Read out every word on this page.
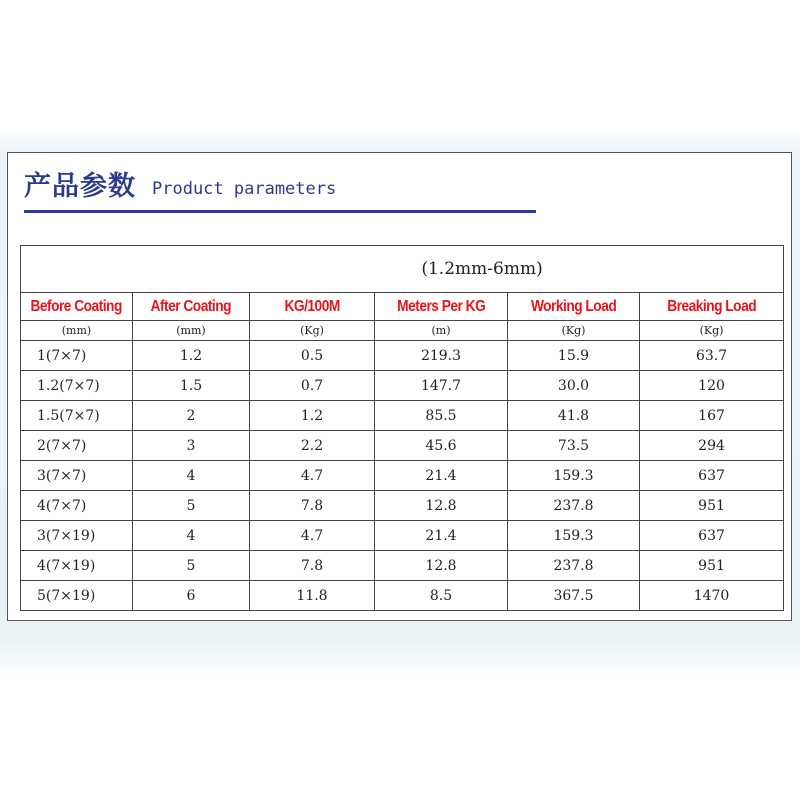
产品参数 Product parameters
(1.2mm-6mm)					
Before Coating	After Coating	KG/100M	Meters Per KG	Working Load	Breaking Load
(mm)	(mm)	(Kg)	(m)	(Kg)	(Kg)
1(7×7)	1.2	0.5	219.3	15.9	63.7
1.2(7×7)	1.5	0.7	147.7	30.0	120
1.5(7×7)	2	1.2	85.5	41.8	167
2(7×7)	3	2.2	45.6	73.5	294
3(7×7)	4	4.7	21.4	159.3	637
4(7×7)	5	7.8	12.8	237.8	951
3(7×19)	4	4.7	21.4	159.3	637
4(7×19)	5	7.8	12.8	237.8	951
5(7×19)	6	11.8	8.5	367.5	1470
